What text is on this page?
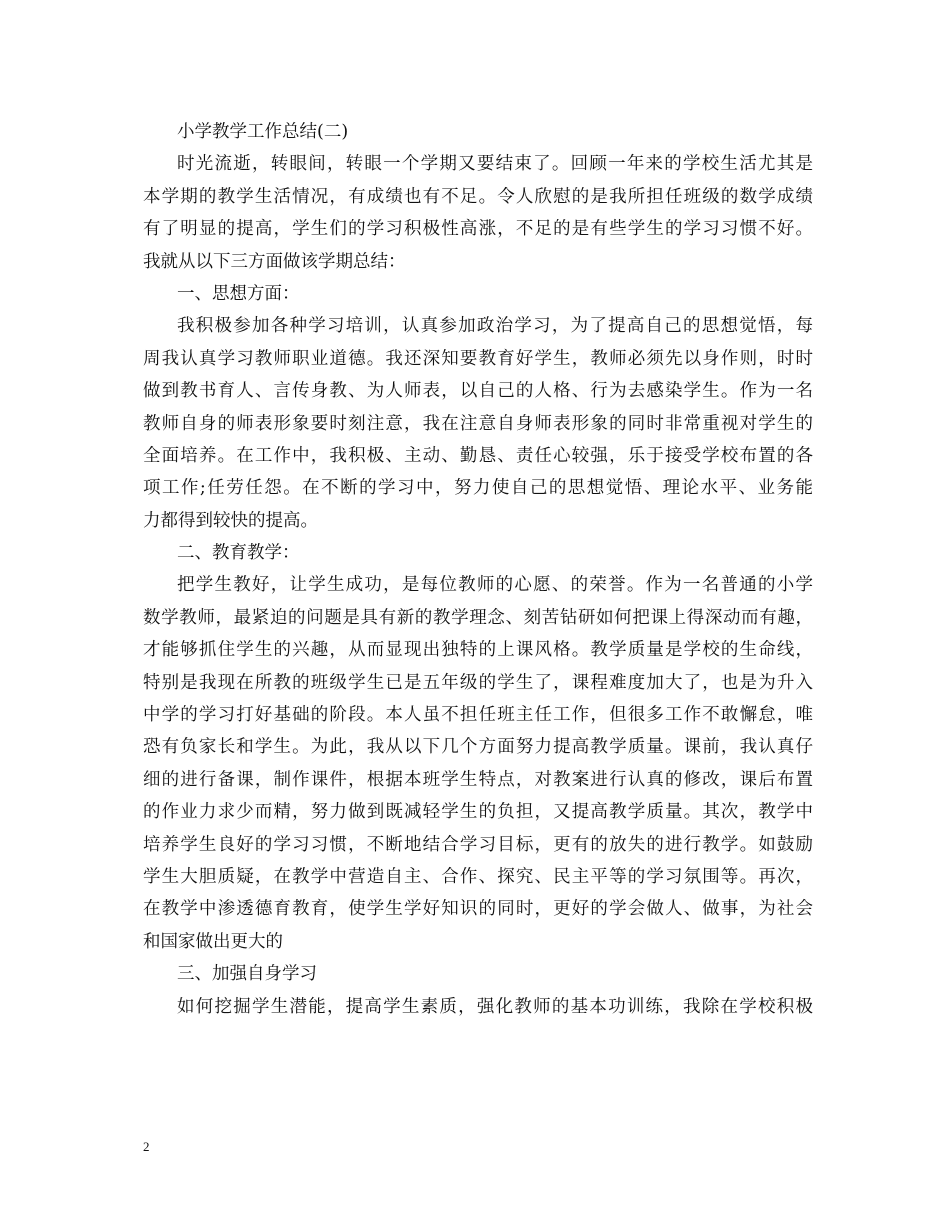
小学教学工作总结(二)
时光流逝，转眼间，转眼一个学期又要结束了。回顾一年来的学校生活尤其是
本学期的教学生活情况，有成绩也有不足。令人欣慰的是我所担任班级的数学成绩
有了明显的提高，学生们的学习积极性高涨，不足的是有些学生的学习习惯不好。
我就从以下三方面做该学期总结：
一、思想方面：
我积极参加各种学习培训，认真参加政治学习，为了提高自己的思想觉悟，每
周我认真学习教师职业道德。我还深知要教育好学生，教师必须先以身作则，时时
做到教书育人、言传身教、为人师表，以自己的人格、行为去感染学生。作为一名
教师自身的师表形象要时刻注意，我在注意自身师表形象的同时非常重视对学生的
全面培养。在工作中，我积极、主动、勤恳、责任心较强，乐于接受学校布置的各
项工作;任劳任怨。在不断的学习中，努力使自己的思想觉悟、理论水平、业务能
力都得到较快的提高。
二、教育教学：
把学生教好，让学生成功，是每位教师的心愿、的荣誉。作为一名普通的小学
数学教师，最紧迫的问题是具有新的教学理念、刻苦钻研如何把课上得深动而有趣，
才能够抓住学生的兴趣，从而显现出独特的上课风格。教学质量是学校的生命线，
特别是我现在所教的班级学生已是五年级的学生了，课程难度加大了，也是为升入
中学的学习打好基础的阶段。本人虽不担任班主任工作，但很多工作不敢懈怠，唯
恐有负家长和学生。为此，我从以下几个方面努力提高教学质量。课前，我认真仔
细的进行备课，制作课件，根据本班学生特点，对教案进行认真的修改，课后布置
的作业力求少而精，努力做到既减轻学生的负担，又提高教学质量。其次，教学中
培养学生良好的学习习惯，不断地结合学习目标，更有的放失的进行教学。如鼓励
学生大胆质疑，在教学中营造自主、合作、探究、民主平等的学习氛围等。再次，
在教学中渗透德育教育，使学生学好知识的同时，更好的学会做人、做事，为社会
和国家做出更大的
三、加强自身学习
如何挖掘学生潜能，提高学生素质，强化教师的基本功训练，我除在学校积极
2
